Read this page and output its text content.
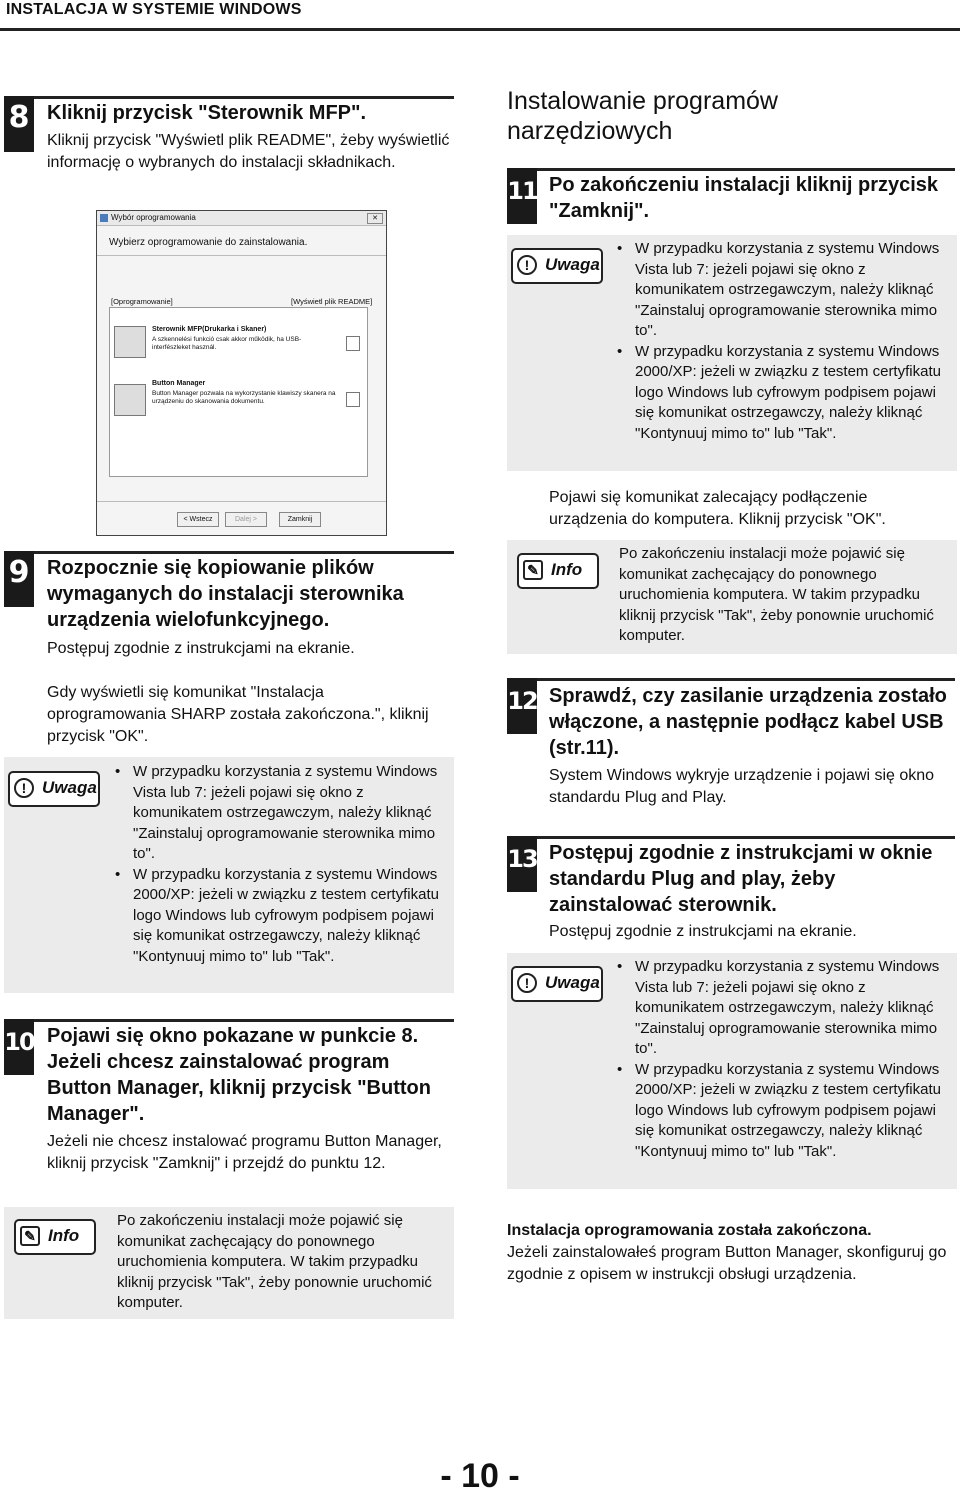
INSTALACJA W SYSTEMIE WINDOWS
8 Kliknij przycisk "Sterownik MFP".
Kliknij przycisk "Wyświetl plik README", żeby wyświetlić informację o wybranych do instalacji składnikach.
Wybór oprogramowania	✕
Wybierz oprogramowanie do zainstalowania.
[Oprogramowanie]	[Wyświetl plik README]
Sterownik MFP(Drukarka i Skaner)
A szkennelési funkció csak akkor működik, ha USB-interfészleket használ.
Button Manager
Button Manager pozwala na wykorzystanie klawiszy skanera na urządzeniu do skanowania dokumentu.
< Wstecz	Dalej >	Zamknij
9 Rozpocznie się kopiowanie plików wymaganych do instalacji sterownika urządzenia wielofunkcyjnego.
Postępuj zgodnie z instrukcjami na ekranie.
Gdy wyświetli się komunikat "Instalacja oprogramowania SHARP została zakończona.", kliknij przycisk "OK".
! Uwaga
• W przypadku korzystania z systemu Windows Vista lub 7: jeżeli pojawi się okno z komunikatem ostrzegawczym, należy kliknąć "Zainstaluj oprogramowanie sterownika mimo to".
• W przypadku korzystania z systemu Windows 2000/XP: jeżeli w związku z testem certyfikatu logo Windows lub cyfrowym podpisem pojawi się komunikat ostrzegawczy, należy kliknąć "Kontynuuj mimo to" lub "Tak".
10 Pojawi się okno pokazane w punkcie 8. Jeżeli chcesz zainstalować program Button Manager, kliknij przycisk "Button Manager".
Jeżeli nie chcesz instalować programu Button Manager, kliknij przycisk "Zamknij" i przejdź do punktu 12.
✎ Info
Po zakończeniu instalacji może pojawić się komunikat zachęcający do ponownego uruchomienia komputera. W takim przypadku kliknij przycisk "Tak", żeby ponownie uruchomić komputer.
Instalowanie programów narzędziowych
11 Po zakończeniu instalacji kliknij przycisk "Zamknij".
! Uwaga
• W przypadku korzystania z systemu Windows Vista lub 7: jeżeli pojawi się okno z komunikatem ostrzegawczym, należy kliknąć "Zainstaluj oprogramowanie sterownika mimo to".
• W przypadku korzystania z systemu Windows 2000/XP: jeżeli w związku z testem certyfikatu logo Windows lub cyfrowym podpisem pojawi się komunikat ostrzegawczy, należy kliknąć "Kontynuuj mimo to" lub "Tak".
Pojawi się komunikat zalecający podłączenie urządzenia do komputera. Kliknij przycisk "OK".
✎ Info
Po zakończeniu instalacji może pojawić się komunikat zachęcający do ponownego uruchomienia komputera. W takim przypadku kliknij przycisk "Tak", żeby ponownie uruchomić komputer.
12 Sprawdź, czy zasilanie urządzenia zostało włączone, a następnie podłącz kabel USB (str.11).
System Windows wykryje urządzenie i pojawi się okno standardu Plug and Play.
13 Postępuj zgodnie z instrukcjami w oknie standardu Plug and play, żeby zainstalować sterownik.
Postępuj zgodnie z instrukcjami na ekranie.
! Uwaga
• W przypadku korzystania z systemu Windows Vista lub 7: jeżeli pojawi się okno z komunikatem ostrzegawczym, należy kliknąć "Zainstaluj oprogramowanie sterownika mimo to".
• W przypadku korzystania z systemu Windows 2000/XP: jeżeli w związku z testem certyfikatu logo Windows lub cyfrowym podpisem pojawi się komunikat ostrzegawczy, należy kliknąć "Kontynuuj mimo to" lub "Tak".
Instalacja oprogramowania została zakończona.
Jeżeli zainstalowałeś program Button Manager, skonfiguruj go zgodnie z opisem w instrukcji obsługi urządzenia.
- 10 -
